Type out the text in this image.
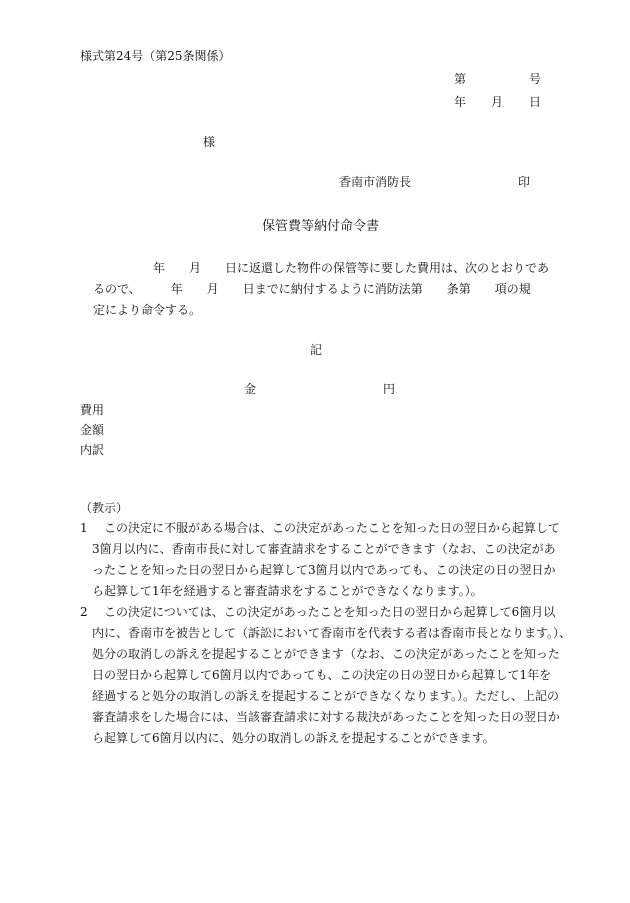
様式第24号（第25条関係）
第	号
年 月 日
様
香南市消防長	印
保管費等納付命令書
　　　　　年　　月　　日に返還した物件の保管等に要した費用は、次のとおりであ
るので、　　　年　　月　　日までに納付するように消防法第　　条第　　項の規
定により命令する。
記
金	円
費用
金額
内訳
（教示）
1 この決定に不服がある場合は、この決定があったことを知った日の翌日から起算して
3箇月以内に、香南市長に対して審査請求をすることができます（なお、この決定があ
ったことを知った日の翌日から起算して3箇月以内であっても、この決定の日の翌日か
ら起算して1年を経過すると審査請求をすることができなくなります。）。
2 この決定については、この決定があったことを知った日の翌日から起算して6箇月以
内に、香南市を被告として（訴訟において香南市を代表する者は香南市長となります。）、
処分の取消しの訴えを提起することができます（なお、この決定があったことを知った
日の翌日から起算して6箇月以内であっても、この決定の日の翌日から起算して1年を
経過すると処分の取消しの訴えを提起することができなくなります。）。ただし、上記の
審査請求をした場合には、当該審査請求に対する裁決があったことを知った日の翌日か
ら起算して6箇月以内に、処分の取消しの訴えを提起することができます。
